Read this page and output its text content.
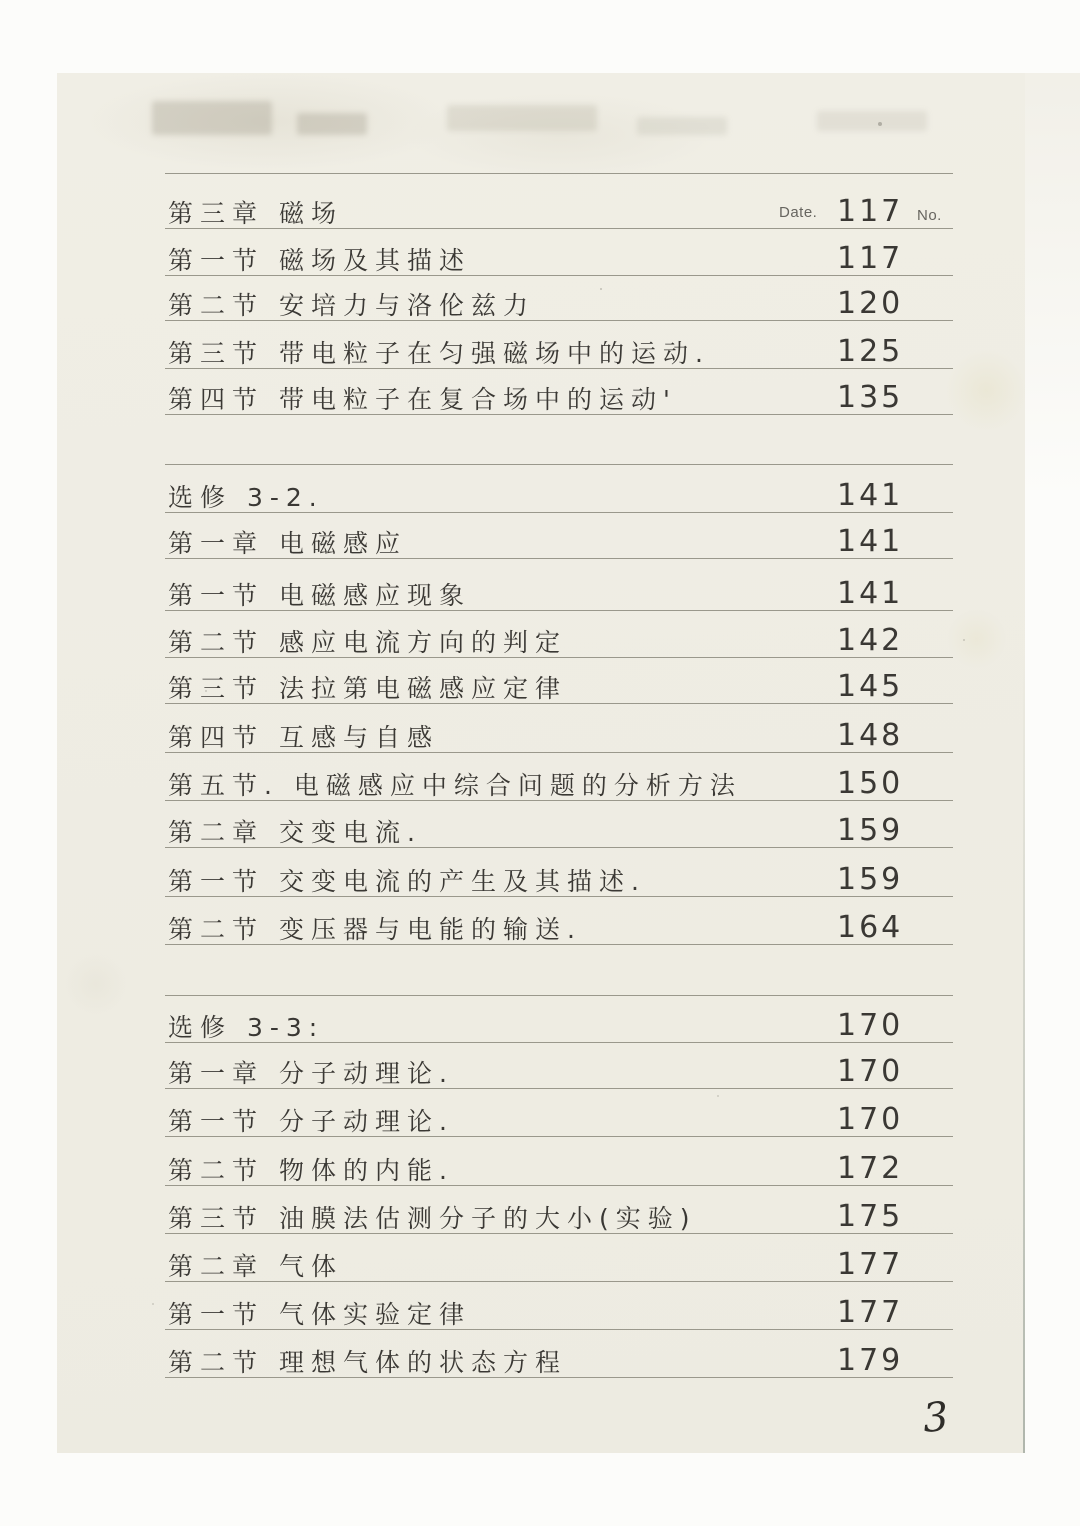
Date.	No.
第三章 磁场	117
第一节 磁场及其描述	117
第二节 安培力与洛伦兹力	120
第三节 带电粒子在匀强磁场中的运动.	125
第四节 带电粒子在复合场中的运动'	135
选修 3-2.	141
第一章 电磁感应	141
第一节 电磁感应现象	141
第二节 感应电流方向的判定	142
第三节 法拉第电磁感应定律	145
第四节 互感与自感	148
第五节. 电磁感应中综合问题的分析方法	150
第二章 交变电流.	159
第一节 交变电流的产生及其描述.	159
第二节 变压器与电能的输送.	164
选修 3-3:	170
第一章 分子动理论.	170
第一节 分子动理论.	170
第二节 物体的内能.	172
第三节 油膜法估测分子的大小(实验)	175
第二章 气体	177
第一节 气体实验定律	177
第二节 理想气体的状态方程	179
3
